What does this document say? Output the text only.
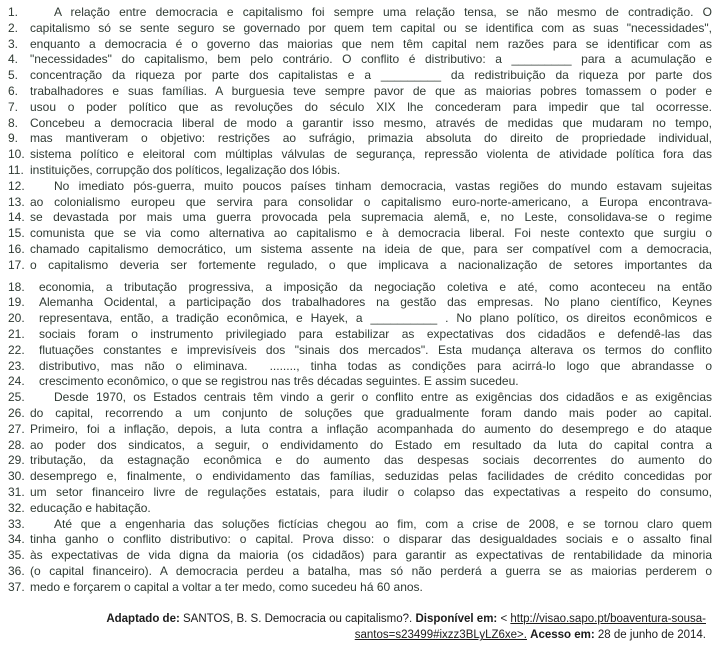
1.	A relação entre democracia e capitalismo foi sempre uma relação tensa, se não mesmo de contradição. O
2. capitalismo só se sente seguro se governado por quem tem capital ou se identifica com as suas "necessidades",
3. enquanto a democracia é o governo das maiorias que nem têm capital nem razões para se identificar com as
4. "necessidades" do capitalismo, bem pelo contrário. O conflito é distributivo: a _________ para a acumulação e
5. concentração da riqueza por parte dos capitalistas e a _________ da redistribuição da riqueza por parte dos
6. trabalhadores e suas famílias. A burguesia teve sempre pavor de que as maiorias pobres tomassem o poder e
7. usou o poder político que as revoluções do século XIX lhe concederam para impedir que tal ocorresse.
8. Concebeu a democracia liberal de modo a garantir isso mesmo, através de medidas que mudaram no tempo,
9. mas mantiveram o objetivo: restrições ao sufrágio, primazia absoluta do direito de propriedade individual,
10. sistema político e eleitoral com múltiplas válvulas de segurança, repressão violenta de atividade política fora das
11. instituições, corrupção dos políticos, legalização dos lóbis.
12.	No imediato pós-guerra, muito poucos países tinham democracia, vastas regiões do mundo estavam sujeitas
13. ao colonialismo europeu que servira para consolidar o capitalismo euro-norte-americano, a Europa encontrava-
14. se devastada por mais uma guerra provocada pela supremacia alemã, e, no Leste, consolidava-se o regime
15. comunista que se via como alternativa ao capitalismo e à democracia liberal. Foi neste contexto que surgiu o
16. chamado capitalismo democrático, um sistema assente na ideia de que, para ser compatível com a democracia,
17. o capitalismo deveria ser fortemente regulado, o que implicava a nacionalização de setores importantes da
18.	economia, a tributação progressiva, a imposição da negociação coletiva e até, como aconteceu na então
19.	Alemanha Ocidental, a participação dos trabalhadores na gestão das empresas. No plano científico, Keynes
20.	representava, então, a tradição econômica, e Hayek, a __________ . No plano político, os direitos econômicos e
21.	sociais foram o instrumento privilegiado para estabilizar as expectativas dos cidadãos e defendê-las das
22.	flutuações constantes e imprevisíveis dos "sinais dos mercados". Esta mudança alterava os termos do conflito
23.	distributivo, mas não o eliminava.  ........, tinha todas as condições para acirrá-lo logo que abrandasse o
24.	crescimento econômico, o que se registrou nas três décadas seguintes. E assim sucedeu.
25.	Desde 1970, os Estados centrais têm vindo a gerir o conflito entre as exigências dos cidadãos e as exigências
26. do capital, recorrendo a um conjunto de soluções que gradualmente foram dando mais poder ao capital.
27. Primeiro, foi a inflação, depois, a luta contra a inflação acompanhada do aumento do desemprego e do ataque
28. ao poder dos sindicatos, a seguir, o endividamento do Estado em resultado da luta do capital contra a
29. tributação, da estagnação econômica e do aumento das despesas sociais decorrentes do aumento do
30. desemprego e, finalmente, o endividamento das famílias, seduzidas pelas facilidades de crédito concedidas por
31. um setor financeiro livre de regulações estatais, para iludir o colapso das expectativas a respeito do consumo,
32. educação e habitação.
33.	Até que a engenharia das soluções fictícias chegou ao fim, com a crise de 2008, e se tornou claro quem
34. tinha ganho o conflito distributivo: o capital. Prova disso: o disparar das desigualdades sociais e o assalto final
35. às expectativas de vida digna da maioria (os cidadãos) para garantir as expectativas de rentabilidade da minoria
36. (o capital financeiro). A democracia perdeu a batalha, mas só não perderá a guerra se as maiorias perderem o
37. medo e forçarem o capital a voltar a ter medo, como sucedeu há 60 anos.
Adaptado de: SANTOS, B. S. Democracia ou capitalismo?. Disponível em: < http://visao.sapo.pt/boaventura-sousa-
santos=s23499#ixzz3BLyLZ6xe>. Acesso em: 28 de junho de 2014.
